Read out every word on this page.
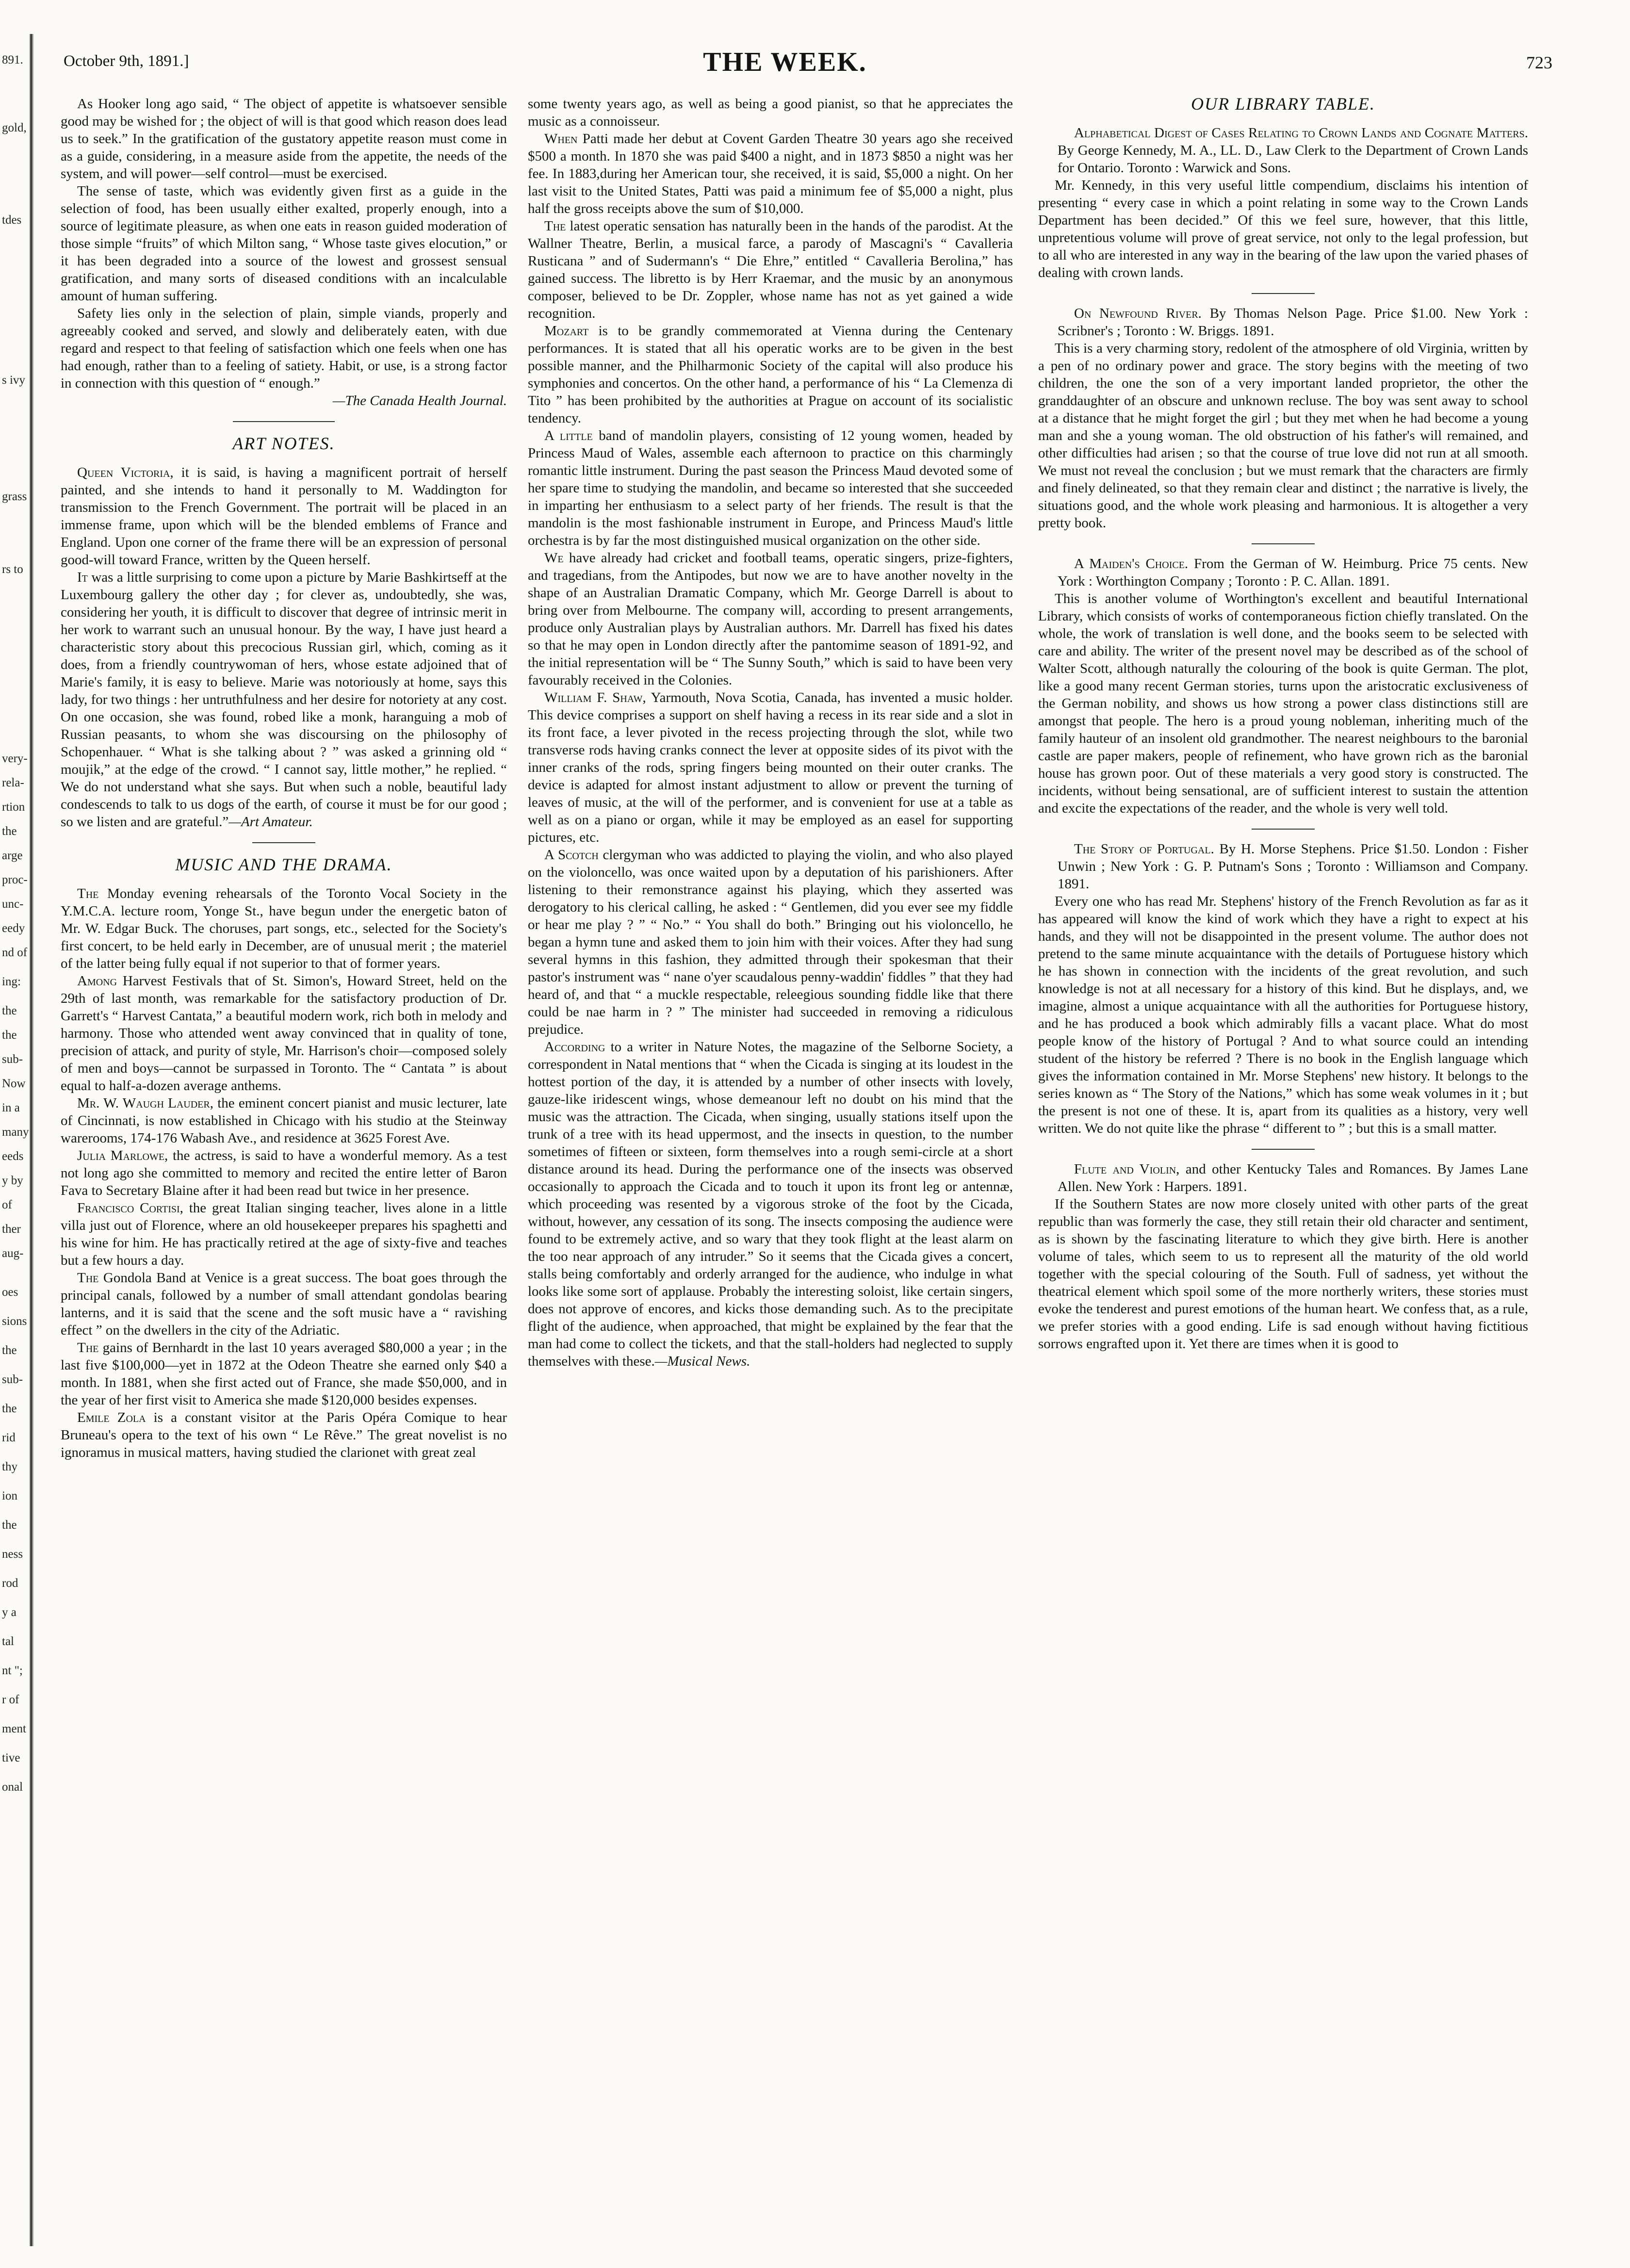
891.
gold,
tdes
s ivy
grass
rs to
very-
rela-
rtion
the
arge
proc-
unc-
eedy
nd of
ing:
the
the
sub-
Now
in a
many
eeds
y by
of
ther
aug-
oes
sions
the
sub-
the
rid
thy
ion
the
ness
rod
y a
tal
nt ";
r of
ment
tive
onal
October 9th, 1891.]	THE WEEK.	723

As Hooker long ago said, “ The object of appetite is whatsoever sensible good may be wished for ; the object of will is that good which reason does lead us to seek.” In the gratification of the gustatory appetite reason must come in as a guide, considering, in a measure aside from the appetite, the needs of the system, and will power—self control—must be exercised.

The sense of taste, which was evidently given first as a guide in the selection of food, has been usually either exalted, properly enough, into a source of legitimate pleasure, as when one eats in reason guided moderation of those simple “fruits” of which Milton sang, “ Whose taste gives elocution,” or it has been degraded into a source of the lowest and grossest sensual gratification, and many sorts of diseased conditions with an incalculable amount of human suffering.

Safety lies only in the selection of plain, simple viands, properly and agreeably cooked and served, and slowly and deliberately eaten, with due regard and respect to that feeling of satisfaction which one feels when one has had enough, rather than to a feeling of satiety. Habit, or use, is a strong factor in connection with this question of “ enough.”

—The Canada Health Journal.

ART NOTES.

Queen Victoria, it is said, is having a magnificent portrait of herself painted, and she intends to hand it personally to M. Waddington for transmission to the French Government. The portrait will be placed in an immense frame, upon which will be the blended emblems of France and England. Upon one corner of the frame there will be an expression of personal good-will toward France, written by the Queen herself.

It was a little surprising to come upon a picture by Marie Bashkirtseff at the Luxembourg gallery the other day ; for clever as, undoubtedly, she was, considering her youth, it is difficult to discover that degree of intrinsic merit in her work to warrant such an unusual honour. By the way, I have just heard a characteristic story about this precocious Russian girl, which, coming as it does, from a friendly countrywoman of hers, whose estate adjoined that of Marie's family, it is easy to believe. Marie was notoriously at home, says this lady, for two things : her untruthfulness and her desire for notoriety at any cost. On one occasion, she was found, robed like a monk, haranguing a mob of Russian peasants, to whom she was discoursing on the philosophy of Schopenhauer. “ What is she talking about ? ” was asked a grinning old “ moujik,” at the edge of the crowd. “ I cannot say, little mother,” he replied. “ We do not understand what she says. But when such a noble, beautiful lady condescends to talk to us dogs of the earth, of course it must be for our good ; so we listen and are grateful.”—Art Amateur.

MUSIC AND THE DRAMA.

The Monday evening rehearsals of the Toronto Vocal Society in the Y.M.C.A. lecture room, Yonge St., have begun under the energetic baton of Mr. W. Edgar Buck. The choruses, part songs, etc., selected for the Society's first concert, to be held early in December, are of unusual merit ; the materiel of the latter being fully equal if not superior to that of former years.

Among Harvest Festivals that of St. Simon's, Howard Street, held on the 29th of last month, was remarkable for the satisfactory production of Dr. Garrett's “ Harvest Cantata,” a beautiful modern work, rich both in melody and harmony. Those who attended went away convinced that in quality of tone, precision of attack, and purity of style, Mr. Harrison's choir—composed solely of men and boys—cannot be surpassed in Toronto. The “ Cantata ” is about equal to half-a-dozen average anthems.

Mr. W. Waugh Lauder, the eminent concert pianist and music lecturer, late of Cincinnati, is now established in Chicago with his studio at the Steinway warerooms, 174-176 Wabash Ave., and residence at 3625 Forest Ave.

Julia Marlowe, the actress, is said to have a wonderful memory. As a test not long ago she committed to memory and recited the entire letter of Baron Fava to Secretary Blaine after it had been read but twice in her presence.

Francisco Cortisi, the great Italian singing teacher, lives alone in a little villa just out of Florence, where an old housekeeper prepares his spaghetti and his wine for him. He has practically retired at the age of sixty-five and teaches but a few hours a day.

The Gondola Band at Venice is a great success. The boat goes through the principal canals, followed by a number of small attendant gondolas bearing lanterns, and it is said that the scene and the soft music have a “ ravishing effect ” on the dwellers in the city of the Adriatic.

The gains of Bernhardt in the last 10 years averaged $80,000 a year ; in the last five $100,000—yet in 1872 at the Odeon Theatre she earned only $40 a month. In 1881, when she first acted out of France, she made $50,000, and in the year of her first visit to America she made $120,000 besides expenses.

Emile Zola is a constant visitor at the Paris Opéra Comique to hear Bruneau's opera to the text of his own “ Le Rêve.” The great novelist is no ignoramus in musical matters, having studied the clarionet with great zeal

some twenty years ago, as well as being a good pianist, so that he appreciates the music as a connoisseur.

When Patti made her debut at Covent Garden Theatre 30 years ago she received $500 a month. In 1870 she was paid $400 a night, and in 1873 $850 a night was her fee. In 1883,during her American tour, she received, it is said, $5,000 a night. On her last visit to the United States, Patti was paid a minimum fee of $5,000 a night, plus half the gross receipts above the sum of $10,000.

The latest operatic sensation has naturally been in the hands of the parodist. At the Wallner Theatre, Berlin, a musical farce, a parody of Mascagni's “ Cavalleria Rusticana ” and of Sudermann's “ Die Ehre,” entitled “ Cavalleria Berolina,” has gained success. The libretto is by Herr Kraemar, and the music by an anonymous composer, believed to be Dr. Zoppler, whose name has not as yet gained a wide recognition.

Mozart is to be grandly commemorated at Vienna during the Centenary performances. It is stated that all his operatic works are to be given in the best possible manner, and the Philharmonic Society of the capital will also produce his symphonies and concertos. On the other hand, a performance of his “ La Clemenza di Tito ” has been prohibited by the authorities at Prague on account of its socialistic tendency.

A little band of mandolin players, consisting of 12 young women, headed by Princess Maud of Wales, assemble each afternoon to practice on this charmingly romantic little instrument. During the past season the Princess Maud devoted some of her spare time to studying the mandolin, and became so interested that she succeeded in imparting her enthusiasm to a select party of her friends. The result is that the mandolin is the most fashionable instrument in Europe, and Princess Maud's little orchestra is by far the most distinguished musical organization on the other side.

We have already had cricket and football teams, operatic singers, prize-fighters, and tragedians, from the Antipodes, but now we are to have another novelty in the shape of an Australian Dramatic Company, which Mr. George Darrell is about to bring over from Melbourne. The company will, according to present arrangements, produce only Australian plays by Australian authors. Mr. Darrell has fixed his dates so that he may open in London directly after the pantomime season of 1891-92, and the initial representation will be “ The Sunny South,” which is said to have been very favourably received in the Colonies.

William F. Shaw, Yarmouth, Nova Scotia, Canada, has invented a music holder. This device comprises a support on shelf having a recess in its rear side and a slot in its front face, a lever pivoted in the recess projecting through the slot, while two transverse rods having cranks connect the lever at opposite sides of its pivot with the inner cranks of the rods, spring fingers being mounted on their outer cranks. The device is adapted for almost instant adjustment to allow or prevent the turning of leaves of music, at the will of the performer, and is convenient for use at a table as well as on a piano or organ, while it may be employed as an easel for supporting pictures, etc.

A Scotch clergyman who was addicted to playing the violin, and who also played on the violoncello, was once waited upon by a deputation of his parishioners. After listening to their remonstrance against his playing, which they asserted was derogatory to his clerical calling, he asked : “ Gentlemen, did you ever see my fiddle or hear me play ? ” “ No.” “ You shall do both.” Bringing out his violoncello, he began a hymn tune and asked them to join him with their voices. After they had sung several hymns in this fashion, they admitted through their spokesman that their pastor's instrument was “ nane o'yer scaudalous penny-waddin' fiddles ” that they had heard of, and that “ a muckle respectable, releegious sounding fiddle like that there could be nae harm in ? ” The minister had succeeded in removing a ridiculous prejudice.

According to a writer in Nature Notes, the magazine of the Selborne Society, a correspondent in Natal mentions that “ when the Cicada is singing at its loudest in the hottest portion of the day, it is attended by a number of other insects with lovely, gauze-like iridescent wings, whose demeanour left no doubt on his mind that the music was the attraction. The Cicada, when singing, usually stations itself upon the trunk of a tree with its head uppermost, and the insects in question, to the number sometimes of fifteen or sixteen, form themselves into a rough semi-circle at a short distance around its head. During the performance one of the insects was observed occasionally to approach the Cicada and to touch it upon its front leg or antennæ, which proceeding was resented by a vigorous stroke of the foot by the Cicada, without, however, any cessation of its song. The insects composing the audience were found to be extremely active, and so wary that they took flight at the least alarm on the too near approach of any intruder.” So it seems that the Cicada gives a concert, stalls being comfortably and orderly arranged for the audience, who indulge in what looks like some sort of applause. Probably the interesting soloist, like certain singers, does not approve of encores, and kicks those demanding such. As to the precipitate flight of the audience, when approached, that might be explained by the fear that the man had come to collect the tickets, and that the stall-holders had neglected to supply themselves with these.—Musical News.

OUR LIBRARY TABLE.

Alphabetical Digest of Cases Relating to Crown Lands and Cognate Matters. By George Kennedy, M. A., LL. D., Law Clerk to the Department of Crown Lands for Ontario. Toronto : Warwick and Sons.

Mr. Kennedy, in this very useful little compendium, disclaims his intention of presenting “ every case in which a point relating in some way to the Crown Lands Department has been decided.” Of this we feel sure, however, that this little, unpretentious volume will prove of great service, not only to the legal profession, but to all who are interested in any way in the bearing of the law upon the varied phases of dealing with crown lands.

On Newfound River. By Thomas Nelson Page. Price $1.00. New York : Scribner's ; Toronto : W. Briggs. 1891.

This is a very charming story, redolent of the atmosphere of old Virginia, written by a pen of no ordinary power and grace. The story begins with the meeting of two children, the one the son of a very important landed proprietor, the other the granddaughter of an obscure and unknown recluse. The boy was sent away to school at a distance that he might forget the girl ; but they met when he had become a young man and she a young woman. The old obstruction of his father's will remained, and other difficulties had arisen ; so that the course of true love did not run at all smooth. We must not reveal the conclusion ; but we must remark that the characters are firmly and finely delineated, so that they remain clear and distinct ; the narrative is lively, the situations good, and the whole work pleasing and harmonious. It is altogether a very pretty book.

A Maiden's Choice. From the German of W. Heimburg. Price 75 cents. New York : Worthington Company ; Toronto : P. C. Allan. 1891.

This is another volume of Worthington's excellent and beautiful International Library, which consists of works of contemporaneous fiction chiefly translated. On the whole, the work of translation is well done, and the books seem to be selected with care and ability. The writer of the present novel may be described as of the school of Walter Scott, although naturally the colouring of the book is quite German. The plot, like a good many recent German stories, turns upon the aristocratic exclusiveness of the German nobility, and shows us how strong a power class distinctions still are amongst that people. The hero is a proud young nobleman, inheriting much of the family hauteur of an insolent old grandmother. The nearest neighbours to the baronial castle are paper makers, people of refinement, who have grown rich as the baronial house has grown poor. Out of these materials a very good story is constructed. The incidents, without being sensational, are of sufficient interest to sustain the attention and excite the expectations of the reader, and the whole is very well told.

The Story of Portugal. By H. Morse Stephens. Price $1.50. London : Fisher Unwin ; New York : G. P. Putnam's Sons ; Toronto : Williamson and Company. 1891.

Every one who has read Mr. Stephens' history of the French Revolution as far as it has appeared will know the kind of work which they have a right to expect at his hands, and they will not be disappointed in the present volume. The author does not pretend to the same minute acquaintance with the details of Portuguese history which he has shown in connection with the incidents of the great revolution, and such knowledge is not at all necessary for a history of this kind. But he displays, and, we imagine, almost a unique acquaintance with all the authorities for Portuguese history, and he has produced a book which admirably fills a vacant place. What do most people know of the history of Portugal ? And to what source could an intending student of the history be referred ? There is no book in the English language which gives the information contained in Mr. Morse Stephens' new history. It belongs to the series known as “ The Story of the Nations,” which has some weak volumes in it ; but the present is not one of these. It is, apart from its qualities as a history, very well written. We do not quite like the phrase “ different to ” ; but this is a small matter.

Flute and Violin, and other Kentucky Tales and Romances. By James Lane Allen. New York : Harpers. 1891.

If the Southern States are now more closely united with other parts of the great republic than was formerly the case, they still retain their old character and sentiment, as is shown by the fascinating literature to which they give birth. Here is another volume of tales, which seem to us to represent all the maturity of the old world together with the special colouring of the South. Full of sadness, yet without the theatrical element which spoil some of the more northerly writers, these stories must evoke the tenderest and purest emotions of the human heart. We confess that, as a rule, we prefer stories with a good ending. Life is sad enough without having fictitious sorrows engrafted upon it. Yet there are times when it is good to
